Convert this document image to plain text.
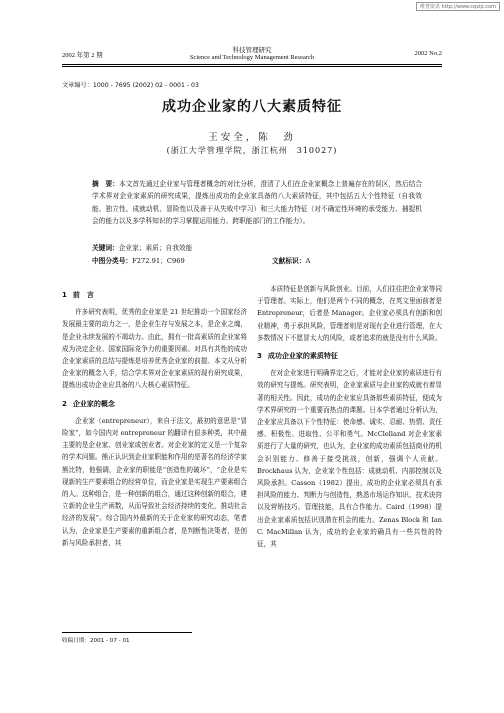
维普资讯 http://www.cqvip.com
2002 年第 2 期
科技管理研究
Science and Technology Management Research
2002 No.2
文章编号：1000 - 7695 (2002) 02 - 0001 - 03
成功企业家的八大素质特征
王安全，陈　劲
(浙江大学管理学院，浙江杭州　310027)
摘　要：本文首先通过企业家与管理者概念的对比分析，澄清了人们在企业家概念上普遍存在的误区，然后结合学术界对企业家素质的研究成果，提炼出成功的企业家具备的八大素质特征，其中包括五大个性特征（自我效能、独立性、成就动机、冒险性以及善于从失败中学习）和三大能力特征（对不确定性环境的承受能力、捕捉机会的能力以及多学科知识的学习掌握运用能力、跨职能部门的工作能力）。
关键词：企业家；素质；自我效能
中图分类号：F272.91；C969	文献标识：A
1 前　言

许多研究表明，优秀的企业家是 21 世纪推动一个国家经济发展最主要的动力之一，是企业生存与发展之本，是企业之魂，是企业永续发展的不竭动力。由此，拥有一批高素质的企业家将成为决定企业、国家国际竞争力的重要因素。对具有共性的成功企业家素质的总结与提炼是培养优秀企业家的前提。本文从分析企业家的概念入手，结合学术界对企业家素质的现有研究成果，提炼出成功企业应具备的八大核心素质特征。

2 企业家的概念

企业家（entrepreneur），来自于法文，最初的意思是“冒险家”，如今国内对 entrepreneur 的翻译有很多种类，其中最主要的是企业家、创业家或创业者。对企业家的定义是一个复杂的学术问题。熊正认识到企业家职能和作用的是著名的经济学家熊比特，他强调，企业家的职能是“创造性的破坏”，“企业是实现新的生产要素组合的经营单位，而企业家是实现生产要素组合的人。这种组合，是一种创新的组合，通过这种创新的组合，建立新的企业生产函数，从而导致社会经济持续的变化，推动社会经济的发展”。综合国内外最新的关于企业家的研究动态，笔者认为，企业家是生产要素的重新组合者，是判断性决策者，是创新与风险承担者，其

本质特征是创新与风险创业。目前，人们往往把企业家等同于管理者。实际上，他们是两个不同的概念，在英文里面前者是 Entrepreneur，后者是 Manager。企业家必须具有创新和创业精神，勇于承担风险，管理者则是对现有企业进行管理，在大多数情况下不愿冒太大的风险，或者追求的就是没有什么风险。

3 成功企业家的素质特征

在对企业家进行明确界定之后，才能对企业家的素质进行有效的研究与提炼。研究表明，企业家素质与企业家的成就有着显著的相关性。因此，成功的企业家应具备那些素质特征，便成为学术界研究的一个重要而热点的课题。日本学者通过分析认为，企业家应具备以下个性特征：使命感、诚实、忍耐、热情、责任感、积极性、进取性、公平和勇气。McClelland 对企业家素质进行了大量的研究，也认为，企业家的成功素质包括商业的机会识别能力、修善于接受挑战，创新，强调个人贡献。Brockhaus 认为，企业家个性包括：成就动机、内部控制以及风险承担。Casson（1982）提出，成功的企业家必须具有承担风险的能力、判断力与创造性，熟悉市场运作知识、技术诀窍以及营销技巧、管理技能，具有合作能力。Caird（1998）提出企业家素质包括识别潜在机会的能力。Zenas Block 和 Ian C. MacMillan 认为，成功的企业家的确具有一些共性的特征，其

收稿日期：2001 - 07 - 01
